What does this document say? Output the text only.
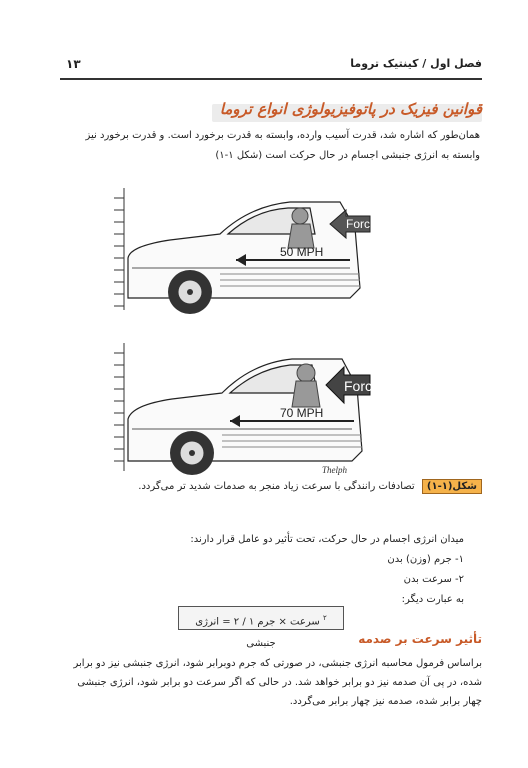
فصل اول / کینتیک تروما
۱۳
قوانین فیزیک در پاتوفیزیولوژی انواع تروما
همان‌طور که اشاره شد، قدرت آسیب وارده، وابسته به قدرت برخورد است. و قدرت برخورد نیز وابسته به انرژی جنبشی اجسام در حال حرکت است (شکل ۱-۱)
Force
50 MPH
Force
70 MPH
Thelph
شکل(۱-۱) تصادفات رانندگی با سرعت زیاد منجر به صدمات شدید تر می‌گردد.
میدان انرژی اجسام در حال حرکت، تحت تأثیر دو عامل قرار دارند:
۱- جرم (وزن) بدن
۲- سرعت بدن
به عبارت دیگر:
$^۲$ سرعت × جرم ۱ / ۲ = انرژی جنبشی	تأثیر سرعت بر صدمه
براساس فرمول محاسبه انرژی جنبشی، در صورتی که جرم دوبرابر شود، انرژی جنبشی نیز دو برابر شده، در پی آن صدمه نیز دو برابر خواهد شد. در حالی که اگر سرعت دو برابر شود، انرژی جنبشی چهار برابر شده، صدمه نیز چهار برابر می‌گردد.
